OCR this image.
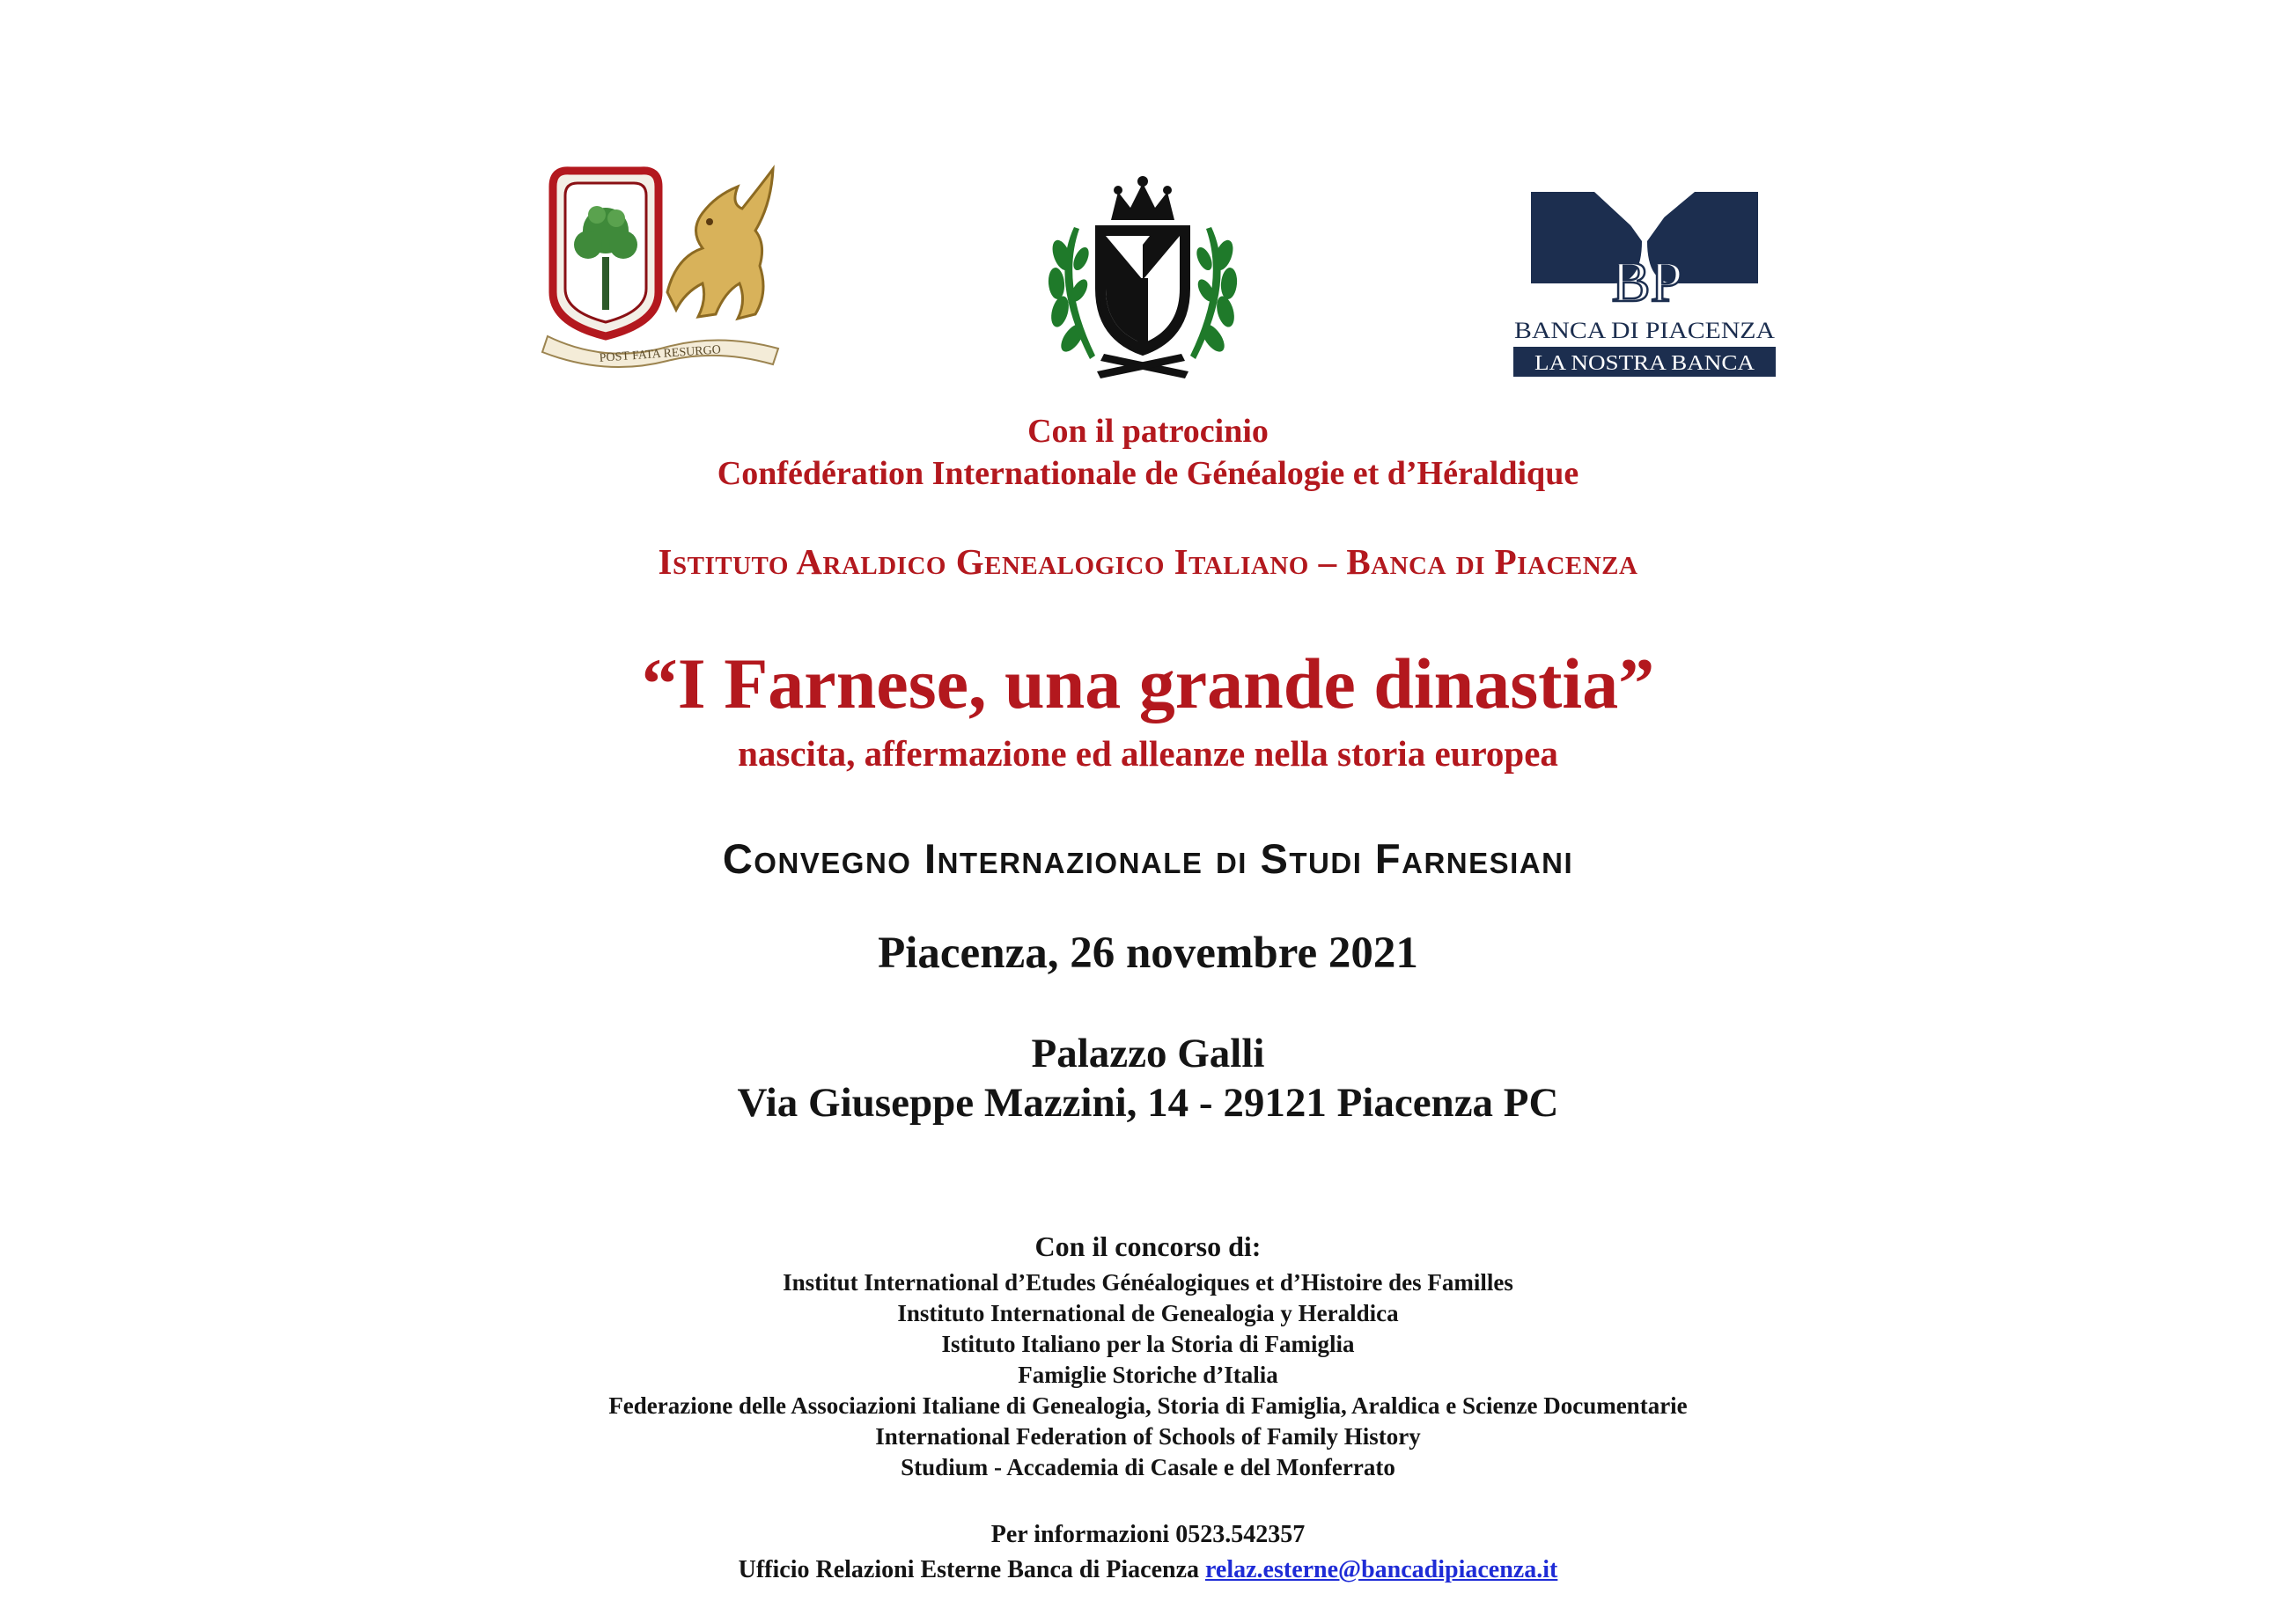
POST FATA RESURGO
BP
BANCA DI PIACENZA
LA NOSTRA BANCA

Con il patrocinio

Confédération Internationale de Généalogie et d’Héraldique

Istituto Araldico Genealogico Italiano – Banca di Piacenza

“I Farnese, una grande dinastia”

nascita, affermazione ed alleanze nella storia europea

Convegno Internazionale di Studi Farnesiani

Piacenza, 26 novembre 2021

Palazzo Galli

Via Giuseppe Mazzini, 14 - 29121 Piacenza PC

Con il concorso di:

Institut International d’Etudes Généalogiques et d’Histoire des Familles
Instituto International de Genealogia y Heraldica
Istituto Italiano per la Storia di Famiglia
Famiglie Storiche d’Italia
Federazione delle Associazioni Italiane di Genealogia, Storia di Famiglia, Araldica e Scienze Documentarie
International Federation of Schools of Family History
Studium - Accademia di Casale e del Monferrato

Per informazioni 0523.542357

Ufficio Relazioni Esterne Banca di Piacenza relaz.esterne@bancadipiacenza.it
